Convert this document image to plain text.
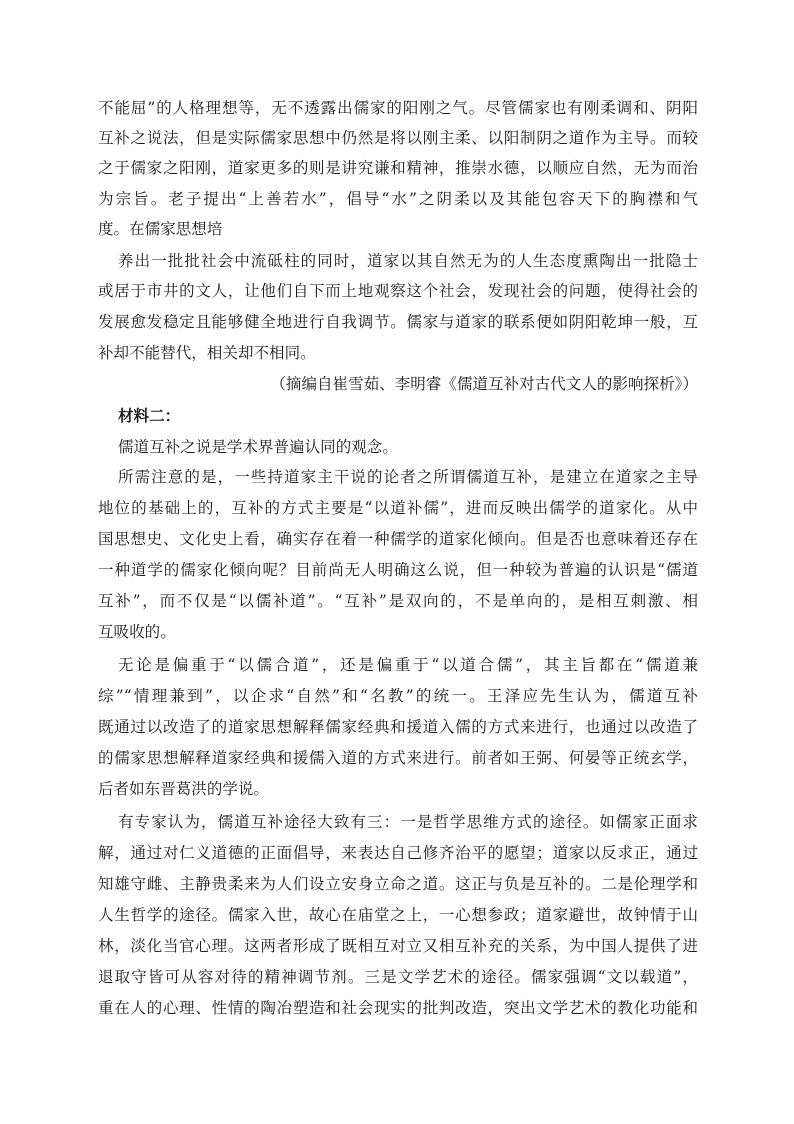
不能屈”的人格理想等，无不透露出儒家的阳刚之气。尽管儒家也有刚柔调和、阴阳
互补之说法，但是实际儒家思想中仍然是将以刚主柔、以阳制阴之道作为主导。而较
之于儒家之阳刚，道家更多的则是讲究谦和精神，推崇水德，以顺应自然，无为而治
为宗旨。老子提出“上善若水”，倡导“水”之阴柔以及其能包容天下的胸襟和气
度。在儒家思想培
养出一批批社会中流砥柱的同时，道家以其自然无为的人生态度熏陶出一批隐士
或居于市井的文人，让他们自下而上地观察这个社会，发现社会的问题，使得社会的
发展愈发稳定且能够健全地进行自我调节。儒家与道家的联系便如阴阳乾坤一般，互
补却不能替代，相关却不相同。
（摘编自崔雪茹、李明睿《儒道互补对古代文人的影响探析》）
材料二：
儒道互补之说是学术界普遍认同的观念。
所需注意的是，一些持道家主干说的论者之所谓儒道互补，是建立在道家之主导
地位的基础上的，互补的方式主要是“以道补儒”，进而反映出儒学的道家化。从中
国思想史、文化史上看，确实存在着一种儒学的道家化倾向。但是否也意味着还存在
一种道学的儒家化倾向呢？目前尚无人明确这么说，但一种较为普遍的认识是“儒道
互补”，而不仅是“以儒补道”。“互补”是双向的，不是单向的，是相互刺激、相
互吸收的。
无论是偏重于“以儒合道”，还是偏重于“以道合儒”，其主旨都在“儒道兼
综”“情理兼到”，以企求“自然”和“名教”的统一。王泽应先生认为，儒道互补
既通过以改造了的道家思想解释儒家经典和援道入儒的方式来进行，也通过以改造了
的儒家思想解释道家经典和援儒入道的方式来进行。前者如王弼、何晏等正统玄学，
后者如东晋葛洪的学说。
有专家认为，儒道互补途径大致有三：一是哲学思维方式的途径。如儒家正面求
解，通过对仁义道德的正面倡导，来表达自己修齐治平的愿望；道家以反求正，通过
知雄守雌、主静贵柔来为人们设立安身立命之道。这正与负是互补的。二是伦理学和
人生哲学的途径。儒家入世，故心在庙堂之上，一心想参政；道家避世，故钟情于山
林，淡化当官心理。这两者形成了既相互对立又相互补充的关系，为中国人提供了进
退取守皆可从容对待的精神调节剂。三是文学艺术的途径。儒家强调“文以载道”，
重在人的心理、性情的陶冶塑造和社会现实的批判改造，突出文学艺术的教化功能和
